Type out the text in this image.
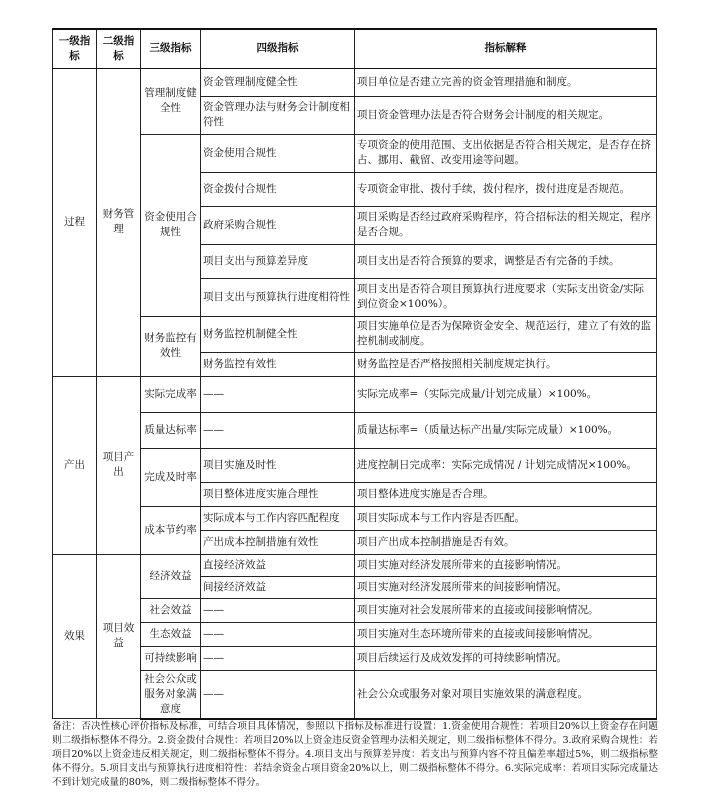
一级指标	二级指标	三级指标	四级指标	指标解释
过程	财务管理	管理制度健全性	资金管理制度健全性	项目单位是否建立完善的资金管理措施和制度。
			资金管理办法与财务会计制度相符性	项目资金管理办法是否符合财务会计制度的相关规定。
		资金使用合规性	资金使用合规性	专项资金的使用范围、支出依据是否符合相关规定，是否存在挤占、挪用、截留、改变用途等问题。
			资金拨付合规性	专项资金审批、拨付手续，拨付程序，拨付进度是否规范。
			政府采购合规性	项目采购是否经过政府采购程序，符合招标法的相关规定，程序是否合规。
			项目支出与预算差异度	项目支出是否符合预算的要求，调整是否有完备的手续。
			项目支出与预算执行进度相符性	项目支出是否符合项目预算执行进度要求（实际支出资金/实际到位资金×100%）。
		财务监控有效性	财务监控机制健全性	项目实施单位是否为保障资金安全、规范运行，建立了有效的监控机制或制度。
			财务监控有效性	财务监控是否严格按照相关制度规定执行。
产出	项目产出	实际完成率	——	实际完成率=（实际完成量/计划完成量）×100%。
		质量达标率	——	质量达标率=（质量达标产出量/实际完成量）×100%。
		完成及时率	项目实施及时性	进度控制日完成率：实际完成情况 / 计划完成情况×100%。
			项目整体进度实施合理性	项目整体进度实施是否合理。
		成本节约率	实际成本与工作内容匹配程度	项目实际成本与工作内容是否匹配。
			产出成本控制措施有效性	项目产出成本控制措施是否有效。
效果	项目效益	经济效益	直接经济效益	项目实施对经济发展所带来的直接影响情况。
			间接经济效益	项目实施对经济发展所带来的间接影响情况。
		社会效益	——	项目实施对社会发展所带来的直接或间接影响情况。
		生态效益	——	项目实施对生态环境所带来的直接或间接影响情况。
		可持续影响	——	项目后续运行及成效发挥的可持续影响情况。
		社会公众或服务对象满意度	——	社会公众或服务对象对项目实施效果的满意程度。
备注：否决性核心评价指标及标准，可结合项目具体情况，参照以下指标及标准进行设置：1.资金使用合规性：若项目20%以上资金存在问题则二级指标整体不得分。2.资金拨付合规性：若项目20%以上资金违反资金管理办法相关规定，则二级指标整体不得分。3.政府采购合规性：若项目20%以上资金违反相关规定，则二级指标整体不得分。4.项目支出与预算差异度：若支出与预算内容不符且偏差率超过5%，则二级指标整体不得分。5.项目支出与预算执行进度相符性：若结余资金占项目资金20%以上，则二级指标整体不得分。6.实际完成率：若项目实际完成量达不到计划完成量的80%，则二级指标整体不得分。
